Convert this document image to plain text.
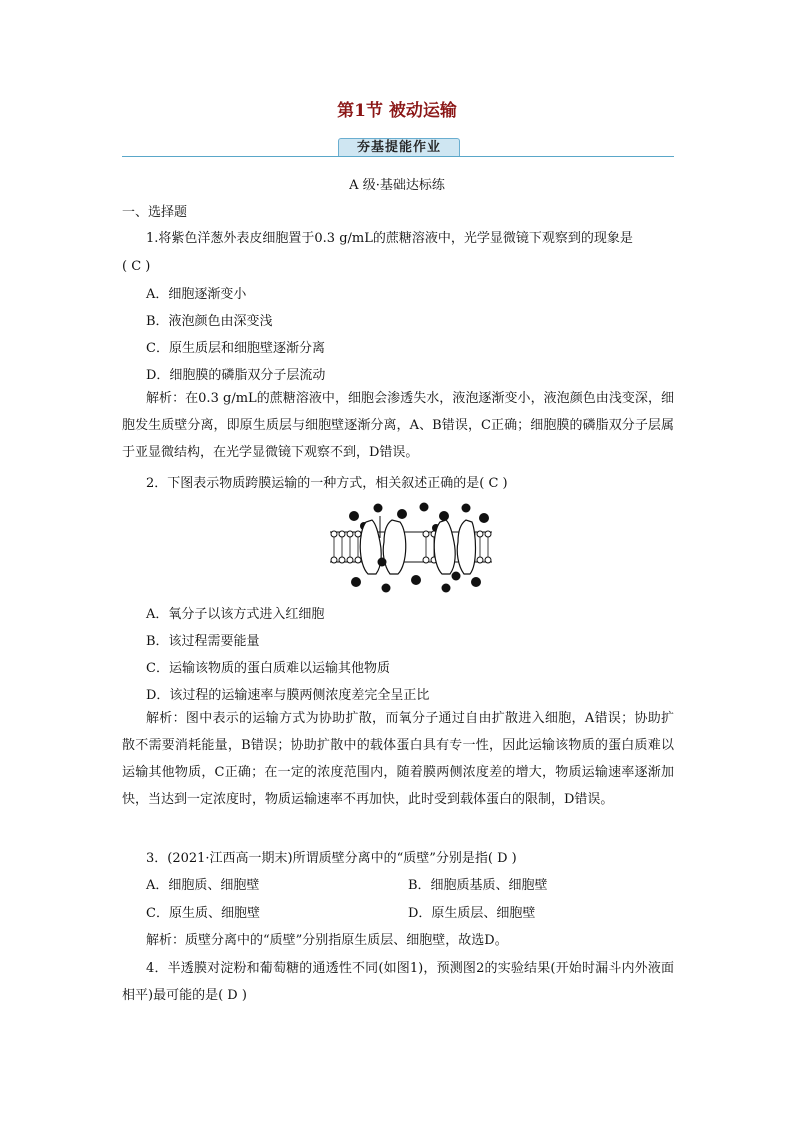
第1节 被动运输
夯基提能作业
A 级·基础达标练
一、选择题
1.将紫色洋葱外表皮细胞置于0.3 g/mL的蔗糖溶液中，光学显微镜下观察到的现象是
( C )
A．细胞逐渐变小
B．液泡颜色由深变浅
C．原生质层和细胞壁逐渐分离
D．细胞膜的磷脂双分子层流动
解析：在0.3 g/mL的蔗糖溶液中，细胞会渗透失水，液泡逐渐变小，液泡颜色由浅变深，细胞发生质壁分离，即原生质层与细胞壁逐渐分离，A、B错误，C正确；细胞膜的磷脂双分子层属于亚显微结构，在光学显微镜下观察不到，D错误。
2．下图表示物质跨膜运输的一种方式，相关叙述正确的是( C )
A．氧分子以该方式进入红细胞
B．该过程需要能量
C．运输该物质的蛋白质难以运输其他物质
D．该过程的运输速率与膜两侧浓度差完全呈正比
解析：图中表示的运输方式为协助扩散，而氧分子通过自由扩散进入细胞，A错误；协助扩散不需要消耗能量，B错误；协助扩散中的载体蛋白具有专一性，因此运输该物质的蛋白质难以运输其他物质，C正确；在一定的浓度范围内，随着膜两侧浓度差的增大，物质运输速率逐渐加快，当达到一定浓度时，物质运输速率不再加快，此时受到载体蛋白的限制，D错误。
3．(2021·江西高一期末)所谓质壁分离中的“质壁”分别是指( D )
A．细胞质、细胞壁	B．细胞质基质、细胞壁
C．原生质、细胞壁	D．原生质层、细胞壁
解析：质壁分离中的“质壁”分别指原生质层、细胞壁，故选D。
4．半透膜对淀粉和葡萄糖的通透性不同(如图1)，预测图2的实验结果(开始时漏斗内外液面相平)最可能的是( D )
